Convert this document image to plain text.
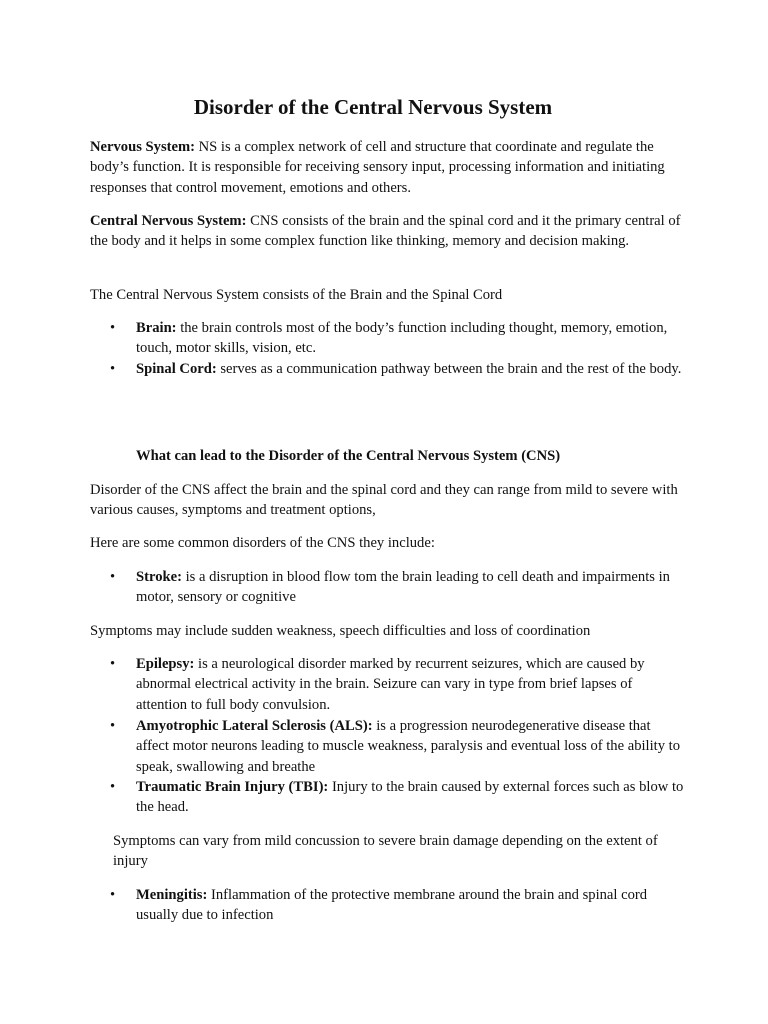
Disorder of the Central Nervous System

Nervous System: NS is a complex network of cell and structure that coordinate and regulate the body’s function. It is responsible for receiving sensory input, processing information and initiating responses that control movement, emotions and others.

Central Nervous System: CNS consists of the brain and the spinal cord and it the primary central of the body and it helps in some complex function like thinking, memory and decision making.

The Central Nervous System consists of the Brain and the Spinal Cord

•	Brain: the brain controls most of the body’s function including thought, memory, emotion, touch, motor skills, vision, etc.

•	Spinal Cord: serves as a communication pathway between the brain and the rest of the body.

What can lead to the Disorder of the Central Nervous System (CNS)

Disorder of the CNS affect the brain and the spinal cord and they can range from mild to severe with various causes, symptoms and treatment options,

Here are some common disorders of the CNS they include:

•	Stroke: is a disruption in blood flow tom the brain leading to cell death and impairments in motor, sensory or cognitive

Symptoms may include sudden weakness, speech difficulties and loss of coordination

•	Epilepsy: is a neurological disorder marked by recurrent seizures, which are caused by abnormal electrical activity in the brain. Seizure can vary in type from brief lapses of attention to full body convulsion.

•	Amyotrophic Lateral Sclerosis (ALS): is a progression neurodegenerative disease that affect motor neurons leading to muscle weakness, paralysis and eventual loss of the ability to speak, swallowing and breathe

•	Traumatic Brain Injury (TBI): Injury to the brain caused by external forces such as blow to the head.

Symptoms can vary from mild concussion to severe brain damage depending on the extent of injury

•	Meningitis: Inflammation of the protective membrane around the brain and spinal cord usually due to infection
